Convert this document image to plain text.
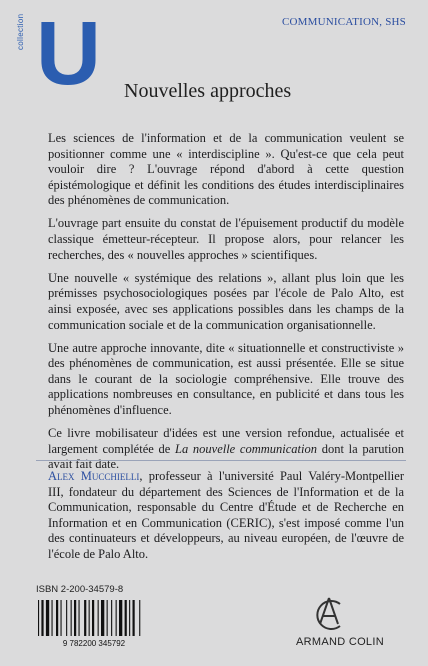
COMMUNICATION, SHS
U
collection
Nouvelles approches

Les sciences de l'information et de la communication veulent se positionner comme une « interdiscipline ». Qu'est-ce que cela peut vouloir dire ? L'ouvrage répond d'abord à cette question épistémologique et définit les conditions des études interdisciplinaires des phénomènes de communication.

L'ouvrage part ensuite du constat de l'épuisement productif du modèle classique émetteur-récepteur. Il propose alors, pour relancer les recherches, des « nouvelles approches » scientifiques.

Une nouvelle « systémique des relations », allant plus loin que les prémisses psychosociologiques posées par l'école de Palo Alto, est ainsi exposée, avec ses applications possibles dans les champs de la communication sociale et de la communication organisationnelle.

Une autre approche innovante, dite « situationnelle et constructiviste » des phénomènes de communication, est aussi présentée. Elle se situe dans le courant de la sociologie compréhensive. Elle trouve des applications nombreuses en consultance, en publicité et dans tous les phénomènes d'influence.

Ce livre mobilisateur d'idées est une version refondue, actualisée et largement complétée de La nouvelle communication dont la parution avait fait date.

Alex Mucchielli, professeur à l'université Paul Valéry-Montpellier III, fondateur du département des Sciences de l'Information et de la Communication, responsable du Centre d'Étude et de Recherche en Information et en Communication (CERIC), s'est imposé comme l'un des continuateurs et développeurs, au niveau européen, de l'œuvre de l'école de Palo Alto.
ISBN 2-200-34579-8
9 782200 345792	ARMAND COLIN
